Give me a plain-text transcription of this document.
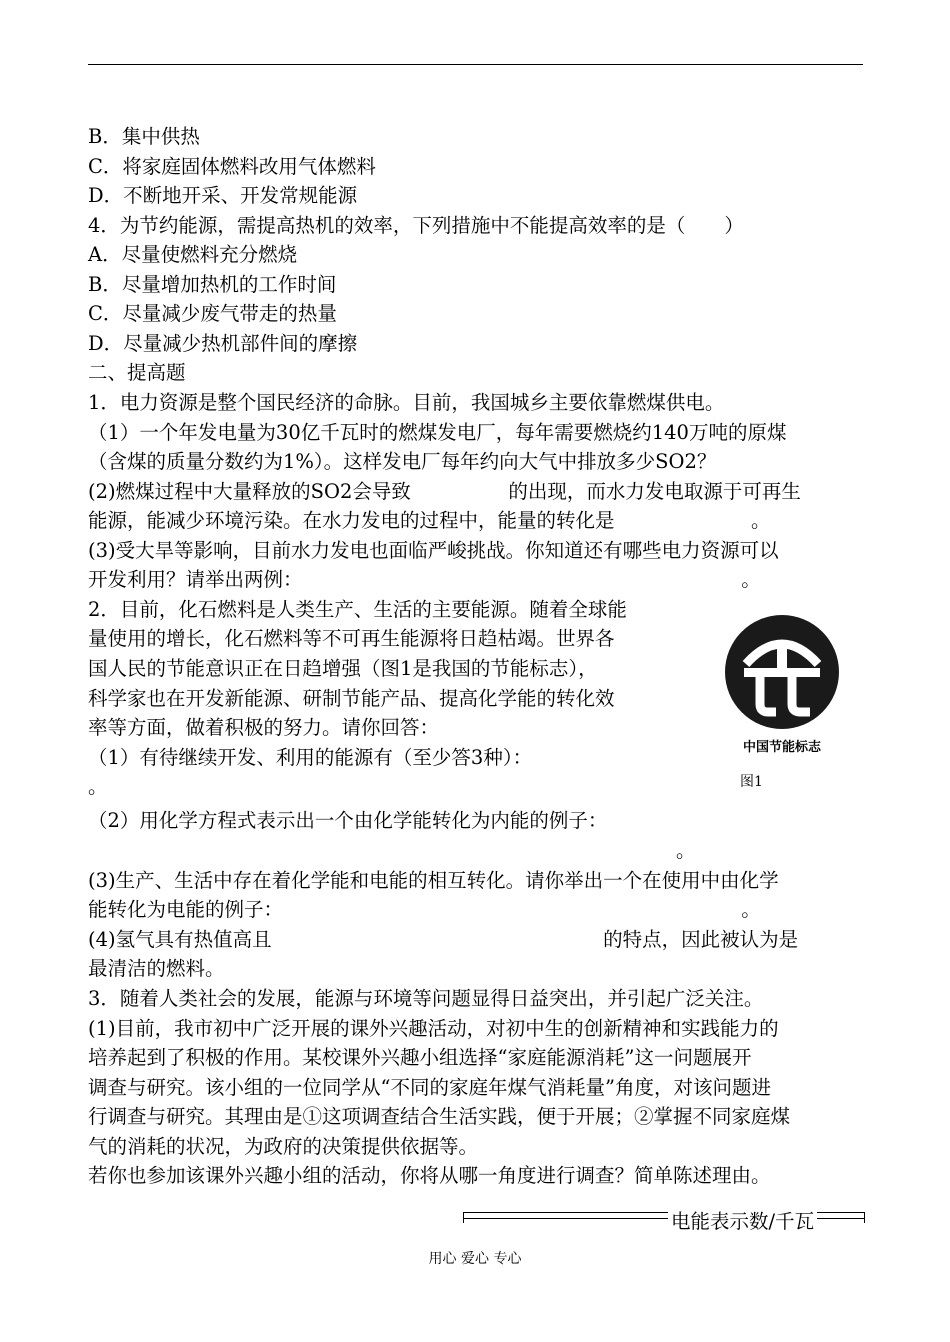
B．集中供热
C．将家庭固体燃料改用气体燃料
D．不断地开采、开发常规能源
4．为节约能源，需提高热机的效率，下列措施中不能提高效率的是（　　）
A．尽量使燃料充分燃烧
B．尽量增加热机的工作时间
C．尽量减少废气带走的热量
D．尽量减少热机部件间的摩擦
二、提高题
1．电力资源是整个国民经济的命脉。目前，我国城乡主要依靠燃煤供电。
（1）一个年发电量为30亿千瓦时的燃煤发电厂，每年需要燃烧约140万吨的原煤
（含煤的质量分数约为1%）。这样发电厂每年约向大气中排放多少SO2？
(2)燃煤过程中大量释放的SO2会导致　　　　　的出现，而水力发电取源于可再生
能源，能减少环境污染。在水力发电的过程中，能量的转化是　　　　　　　。
(3)受大旱等影响，目前水力发电也面临严峻挑战。你知道还有哪些电力资源可以
开发利用？请举出两例：　　　　　　　　　　　　　　　　　　　　　　　。
2．目前，化石燃料是人类生产、生活的主要能源。随着全球能
量使用的增长，化石燃料等不可再生能源将日趋枯竭。世界各
国人民的节能意识正在日趋增强（图1是我国的节能标志），
科学家也在开发新能源、研制节能产品、提高化学能的转化效
率等方面，做着积极的努力。请你回答：
（1）有待继续开发、利用的能源有（至少答3种）：
。
（2）用化学方程式表示出一个由化学能转化为内能的例子：
。
(3)生产、生活中存在着化学能和电能的相互转化。请你举出一个在使用中由化学
能转化为电能的例子：　　　　　　　　　　　　　　　　　　　　　　　　。
(4)氢气具有热值高且　　　　　　　　　　　　　　　　　的特点，因此被认为是
最清洁的燃料。
3．随着人类社会的发展，能源与环境等问题显得日益突出，并引起广泛关注。
(1)目前，我市初中广泛开展的课外兴趣活动，对初中生的创新精神和实践能力的
培养起到了积极的作用。某校课外兴趣小组选择“家庭能源消耗”这一问题展开
调查与研究。该小组的一位同学从“不同的家庭年煤气消耗量”角度，对该问题进
行调查与研究。其理由是①这项调查结合生活实践，便于开展；②掌握不同家庭煤
气的消耗的状况，为政府的决策提供依据等。
若你也参加该课外兴趣小组的活动，你将从哪一角度进行调查？简单陈述理由。
中国节能标志
图1
电能表示数/千瓦
用心 爱心 专心
